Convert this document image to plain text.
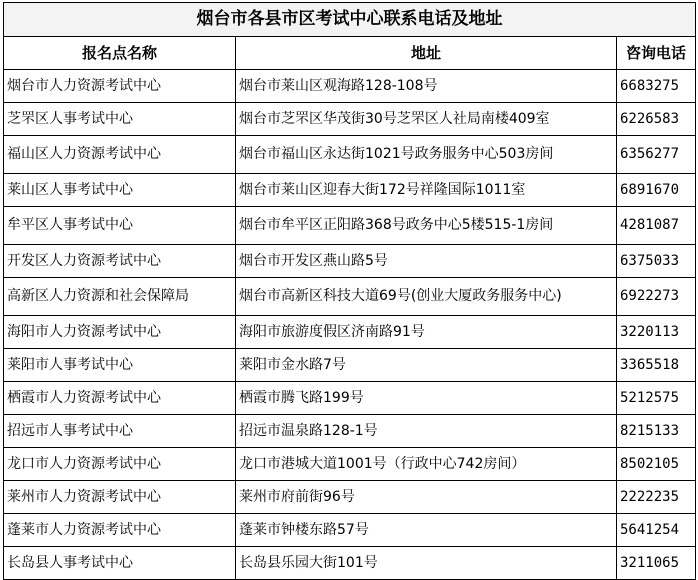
烟台市各县市区考试中心联系电话及地址		
报名点名称	地址	咨询电话
烟台市人力资源考试中心	烟台市莱山区观海路128-108号	6683275
芝罘区人事考试中心	烟台市芝罘区华茂街30号芝罘区人社局南楼409室	6226583
福山区人力资源考试中心	烟台市福山区永达街1021号政务服务中心503房间	6356277
莱山区人事考试中心	烟台市莱山区迎春大街172号祥隆国际1011室	6891670
牟平区人事考试中心	烟台市牟平区正阳路368号政务中心5楼515-1房间	4281087
开发区人力资源考试中心	烟台市开发区燕山路5号	6375033
高新区人力资源和社会保障局	烟台市高新区科技大道69号(创业大厦政务服务中心)	6922273
海阳市人力资源考试中心	海阳市旅游度假区济南路91号	3220113
莱阳市人事考试中心	莱阳市金水路7号	3365518
栖霞市人力资源考试中心	栖霞市腾飞路199号	5212575
招远市人事考试中心	招远市温泉路128-1号	8215133
龙口市人力资源考试中心	龙口市港城大道1001号（行政中心742房间）	8502105
莱州市人力资源考试中心	莱州市府前街96号	2222235
蓬莱市人力资源考试中心	蓬莱市钟楼东路57号	5641254
长岛县人事考试中心	长岛县乐园大街101号	3211065
